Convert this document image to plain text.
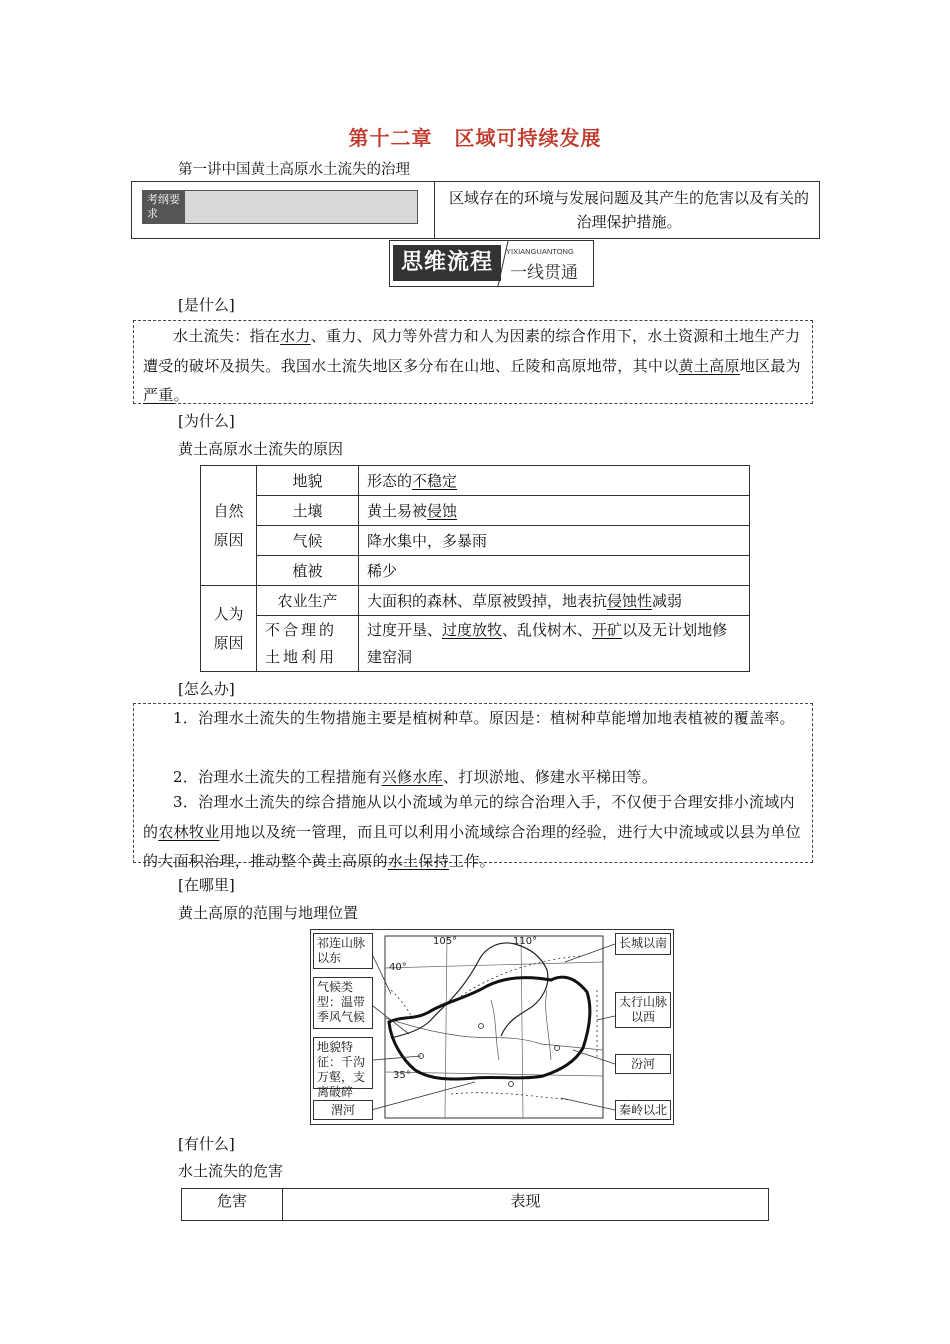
第十二章 区域可持续发展
第一讲中国黄土高原水土流失的治理
考纲要求
区域存在的环境与发展问题及其产生的危害以及有关的治理保护措施。
思维流程	YIXIANGUANTONG
一线贯通
[是什么]
水土流失：指在水力、重力、风力等外营力和人为因素的综合作用下，水土资源和土地生产力遭受的破坏及损失。我国水土流失地区多分布在山地、丘陵和高原地带，其中以黄土高原地区最为严重。
[为什么]
黄土高原水土流失的原因
自然原因	地貌	形态的不稳定
	土壤	黄土易被侵蚀
	气候	降水集中，多暴雨
	植被	稀少
人为原因	农业生产	大面积的森林、草原被毁掉，地表抗侵蚀性减弱
	不合理的土地利用	过度开垦、过度放牧、乱伐树木、开矿以及无计划地修建窑洞
[怎么办]
1．治理水土流失的生物措施主要是植树种草。原因是：植树种草能增加地表植被的覆盖率。
2．治理水土流失的工程措施有兴修水库、打坝淤地、修建水平梯田等。
3．治理水土流失的综合措施从以小流域为单元的综合治理入手，不仅便于合理安排小流域内的农林牧业用地以及统一管理，而且可以利用小流域综合治理的经验，进行大中流域或以县为单位的大面积治理，推动整个黄土高原的水土保持工作。
[在哪里]
黄土高原的范围与地理位置
105°	110°
40°
35°
祁连山脉以东
气候类型：温带季风气候
地貌特征：千沟万壑，支离破碎
渭河
长城以南
太行山脉以西
汾河
秦岭以北
[有什么]
水土流失的危害
危害	表现
